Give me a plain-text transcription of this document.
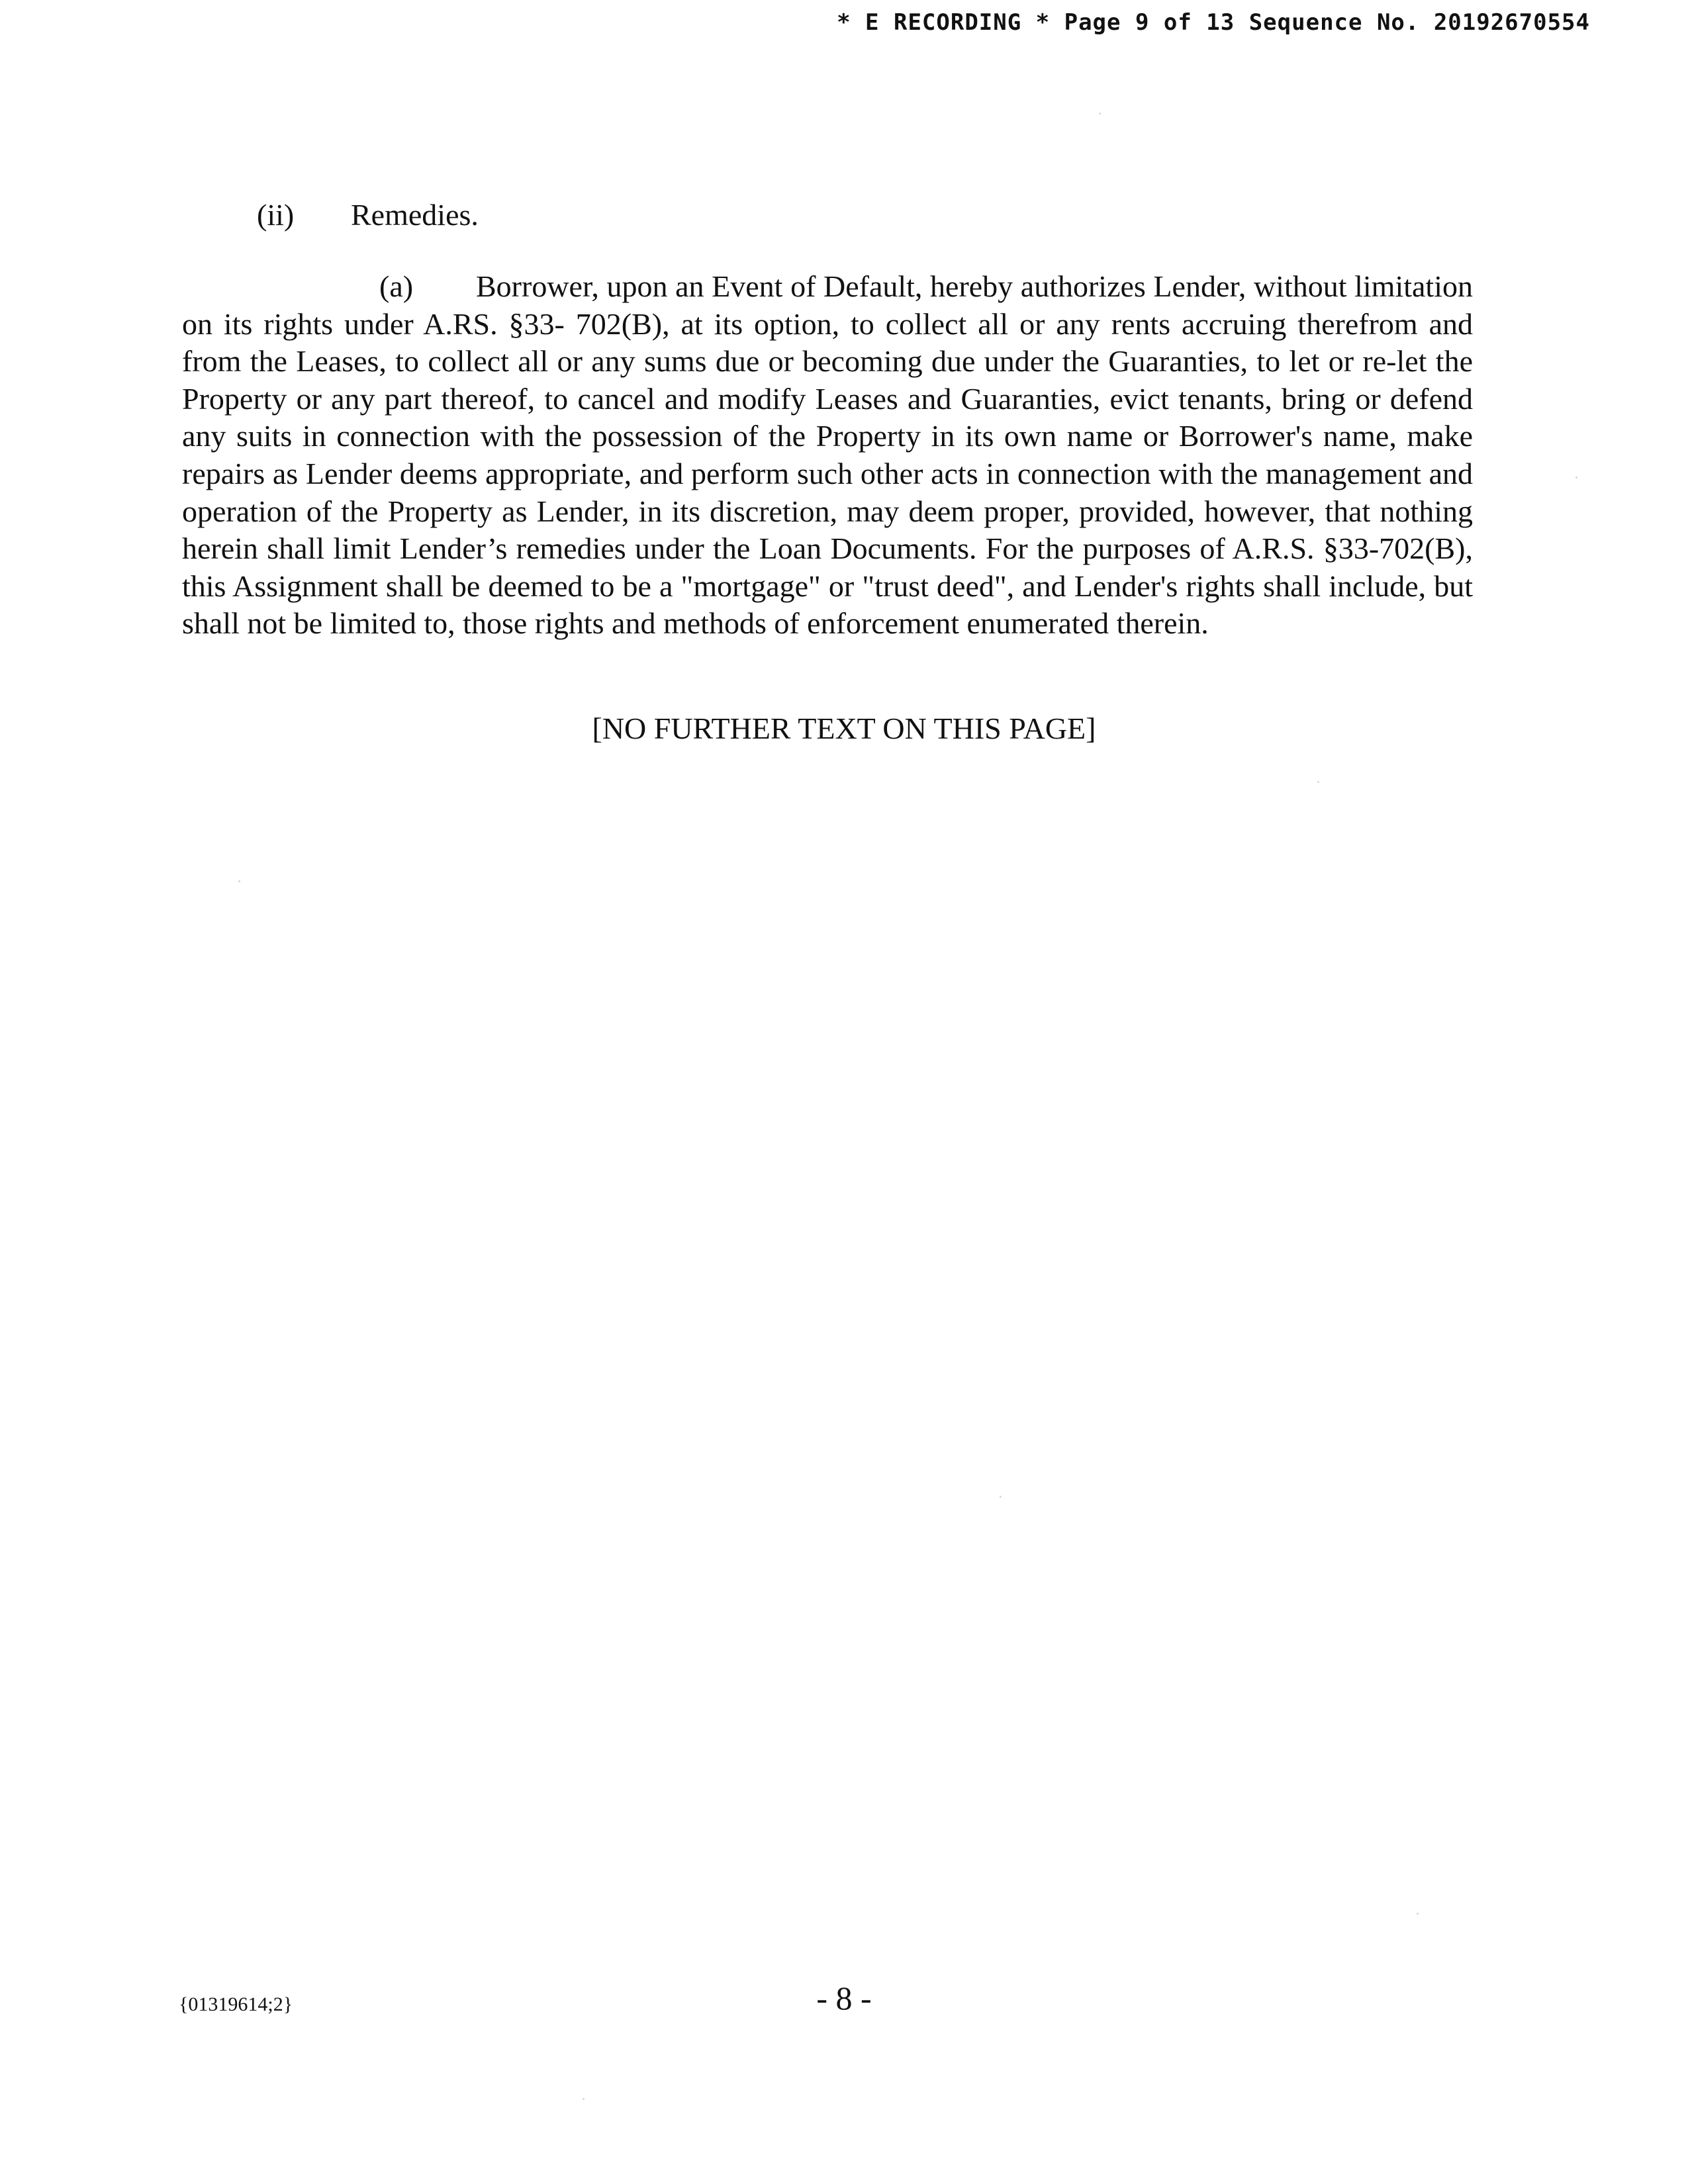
* E RECORDING * Page 9 of 13 Sequence No. 20192670554
(ii) Remedies.

(a) Borrower, upon an Event of Default, hereby authorizes Lender, without limitation on its rights under A.RS. §33- 702(B), at its option, to collect all or any rents accruing therefrom and from the Leases, to collect all or any sums due or becoming due under the Guaranties, to let or re-let the Property or any part thereof, to cancel and modify Leases and Guaranties, evict tenants, bring or defend any suits in connection with the possession of the Property in its own name or Borrower's name, make repairs as Lender deems appropriate, and perform such other acts in connection with the management and operation of the Property as Lender, in its discretion, may deem proper, provided, however, that nothing herein shall limit Lender’s remedies under the Loan Documents. For the purposes of A.R.S. §33-702(B), this Assignment shall be deemed to be a "mortgage" or "trust deed", and Lender's rights shall include, but shall not be limited to, those rights and methods of enforcement enumerated therein.

[NO FURTHER TEXT ON THIS PAGE]
{01319614;2}	- 8 -
